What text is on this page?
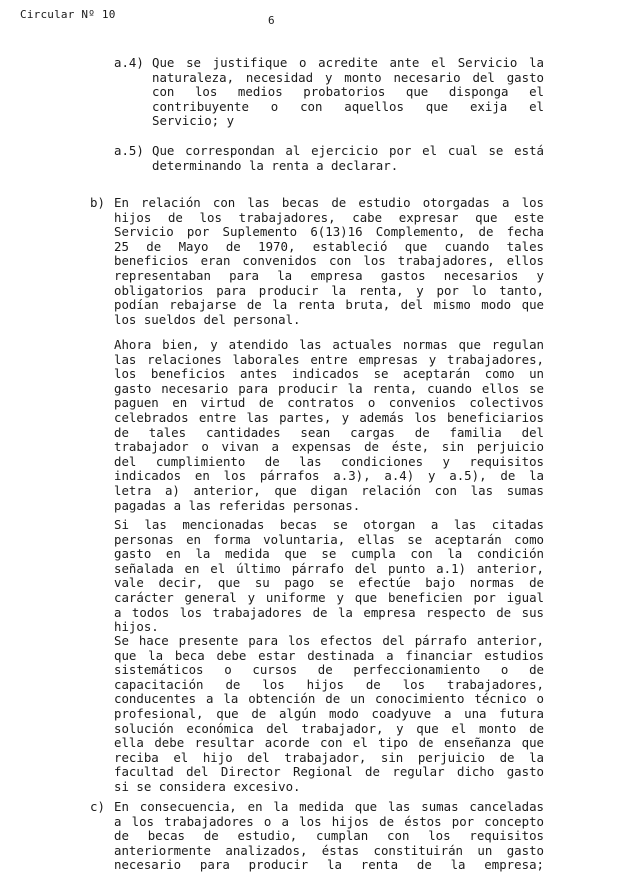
Circular Nº 10	6
a.4) Que se justifique o acredite ante el Servicio la
naturaleza, necesidad y monto necesario del gasto
con los medios probatorios que disponga el
contribuyente o con aquellos que exija el
Servicio; y
a.5) Que correspondan al ejercicio por el cual se está
determinando la renta a declarar.
b) En relación con las becas de estudio otorgadas a los
hijos de los trabajadores, cabe expresar que este
Servicio por Suplemento 6(13)16 Complemento, de fecha
25 de Mayo de 1970, estableció que cuando tales
beneficios eran convenidos con los trabajadores, ellos
representaban para la empresa gastos necesarios y
obligatorios para producir la renta, y por lo tanto,
podían rebajarse de la renta bruta, del mismo modo que
los sueldos del personal.
Ahora bien, y atendido las actuales normas que regulan
las relaciones laborales entre empresas y trabajadores,
los beneficios antes indicados se aceptarán como un
gasto necesario para producir la renta, cuando ellos se
paguen en virtud de contratos o convenios colectivos
celebrados entre las partes, y además los beneficiarios
de tales cantidades sean cargas de familia del
trabajador o vivan a expensas de éste, sin perjuicio
del cumplimiento de las condiciones y requisitos
indicados en los párrafos a.3), a.4) y a.5), de la
letra a) anterior, que digan relación con las sumas
pagadas a las referidas personas.
Si las mencionadas becas se otorgan a las citadas
personas en forma voluntaria, ellas se aceptarán como
gasto en la medida que se cumpla con la condición
señalada en el último párrafo del punto a.1) anterior,
vale decir, que su pago se efectúe bajo normas de
carácter general y uniforme y que beneficien por igual
a todos los trabajadores de la empresa respecto de sus
hijos.
Se hace presente para los efectos del párrafo anterior,
que la beca debe estar destinada a financiar estudios
sistemáticos o cursos de perfeccionamiento o de
capacitación de los hijos de los trabajadores,
conducentes a la obtención de un conocimiento técnico o
profesional, que de algún modo coadyuve a una futura
solución económica del trabajador, y que el monto de
ella debe resultar acorde con el tipo de enseñanza que
reciba el hijo del trabajador, sin perjuicio de la
facultad del Director Regional de regular dicho gasto
si se considera excesivo.
c) En consecuencia, en la medida que las sumas canceladas
a los trabajadores o a los hijos de éstos por concepto
de becas de estudio, cumplan con los requisitos
anteriormente analizados, éstas constituirán un gasto
necesario para producir la renta de la empresa;
